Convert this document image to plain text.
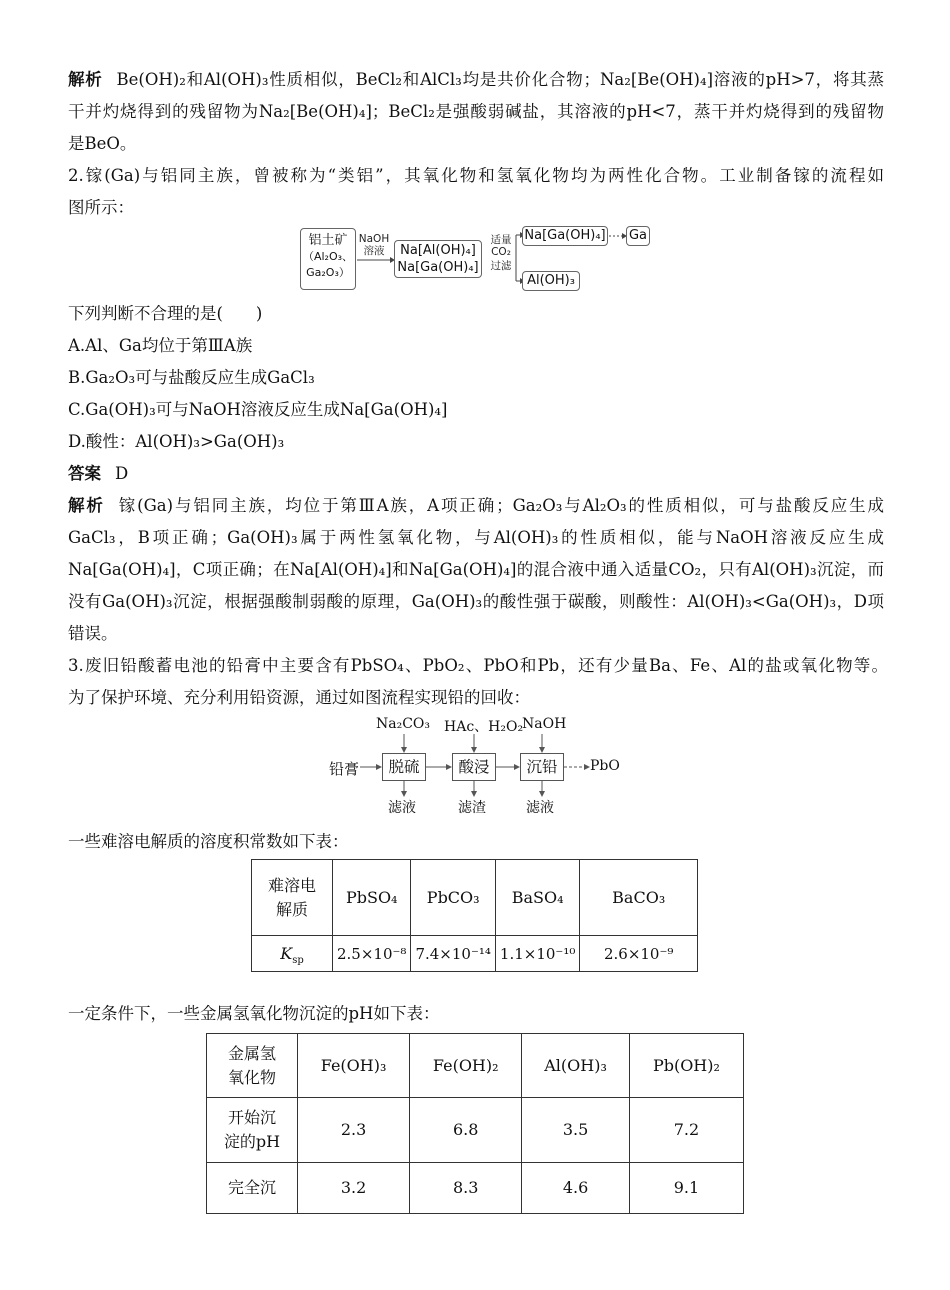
解析 Be(OH)₂和Al(OH)₃性质相似，BeCl₂和AlCl₃均是共价化合物；Na₂[Be(OH)₄]溶液的pH>7，将其蒸
干并灼烧得到的残留物为Na₂[Be(OH)₄]；BeCl₂是强酸弱碱盐，其溶液的pH<7，蒸干并灼烧得到的残留物
是BeO。
2.镓(Ga)与铝同主族，曾被称为“类铝”，其氧化物和氢氧化物均为两性化合物。工业制备镓的流程如
图所示：
铝土矿
（Al₂O₃、
Ga₂O₃）
NaOH
溶液	Na[Al(OH)₄]
Na[Ga(OH)₄]
适量
CO₂
过滤
Na[Ga(OH)₄] Ga
Al(OH)₃
下列判断不合理的是(　　)
A.Al、Ga均位于第ⅢA族
B.Ga₂O₃可与盐酸反应生成GaCl₃
C.Ga(OH)₃可与NaOH溶液反应生成Na[Ga(OH)₄]
D.酸性：Al(OH)₃>Ga(OH)₃
答案 D
解析 镓(Ga)与铝同主族，均位于第ⅢA族，A项正确；Ga₂O₃与Al₂O₃的性质相似，可与盐酸反应生成
GaCl₃，B项正确；Ga(OH)₃属于两性氢氧化物，与Al(OH)₃的性质相似，能与NaOH溶液反应生成
Na[Ga(OH)₄]，C项正确；在Na[Al(OH)₄]和Na[Ga(OH)₄]的混合液中通入适量CO₂，只有Al(OH)₃沉淀，而
没有Ga(OH)₃沉淀，根据强酸制弱酸的原理，Ga(OH)₃的酸性强于碳酸，则酸性：Al(OH)₃<Ga(OH)₃，D项
错误。
3.废旧铅酸蓄电池的铅膏中主要含有PbSO₄、PbO₂、PbO和Pb，还有少量Ba、Fe、Al的盐或氧化物等。
为了保护环境、充分利用铅资源，通过如图流程实现铅的回收：
Na₂CO₃ HAc、H₂O₂
NaOH
铅膏	脱硫	酸浸	沉铅	PbO
滤液	滤渣	滤液
一些难溶电解质的溶度积常数如下表：
难溶电
解质	PbSO₄	PbCO₃	BaSO₄	BaCO₃
$K_{sp}$	2.5×10⁻⁸	7.4×10⁻¹⁴	1.1×10⁻¹⁰	2.6×10⁻⁹
一定条件下，一些金属氢氧化物沉淀的pH如下表：
金属氢
氧化物	Fe(OH)₃	Fe(OH)₂	Al(OH)₃	Pb(OH)₂

开始沉
淀的pH	2.3	6.8	3.5	7.2
完全沉	3.2	8.3	4.6	9.1
